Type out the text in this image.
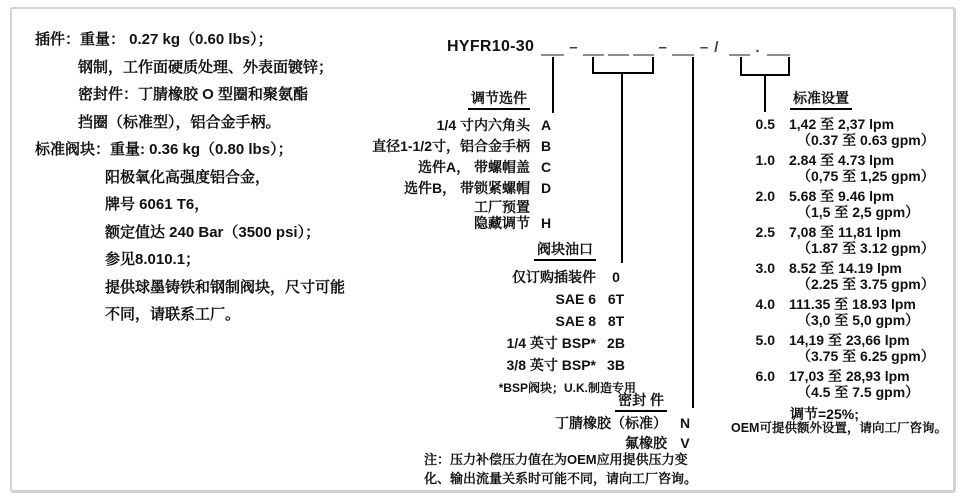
插件：重量： 0.27 kg（0.60 lbs）；
钢制，工作面硬质处理、外表面镀锌；
密封件：丁腈橡胶 O 型圈和聚氨酯
挡圈（标准型），铝合金手柄。
标准阀块：重量: 0.36 kg（0.80 lbs）；
阳极氧化高强度铝合金，
牌号 6061 T6，
额定值达 240 Bar（3500 psi）；
参见8.010.1；
提供球墨铸铁和钢制阀块，尺寸可能
不同，请联系工厂。
HYFR10-30 –	– – / .
调节选件
1/4 寸内六角头 A
直径1-1/2寸，铝合金手柄 B
选件A， 带螺帽盖 C
选件B， 带锁紧螺帽 D
工厂预置
隐藏调节 H
阀块油口
仅订购插装件	0
SAE 6 6T
SAE 8 8T
1/4 英寸 BSP* 2B
3/8 英寸 BSP* 3B
*BSP阀块；U.K.制造专用
密封 件
丁腈橡胶（标准） N
氟橡胶 V
注：压力补偿压力值在为OEM应用提供压力变
化、输出流量关系时可能不同，请向工厂咨询。
标准设置
0.5 1,42 至 2,37 lpm
（0.37 至 0.63 gpm）
1.0 2.84 至 4.73 lpm
（0,75 至 1,25 gpm）
2.0 5.68 至 9.46 lpm
（1,5 至 2,5 gpm）
2.5 7,08 至 11,81 lpm
（1.87 至 3.12 gpm）
3.0 8.52 至 14.19 lpm
（2.25 至 3.75 gpm）
4.0 111.35 至 18.93 lpm
（3,0 至 5,0 gpm）
5.0 14,19 至 23,66 lpm
（3.75 至 6.25 gpm）
6.0 17,03 至 28,93 lpm
（4.5 至 7.5 gpm）
调节=25%;
OEM可提供额外设置，请向工厂咨询。
